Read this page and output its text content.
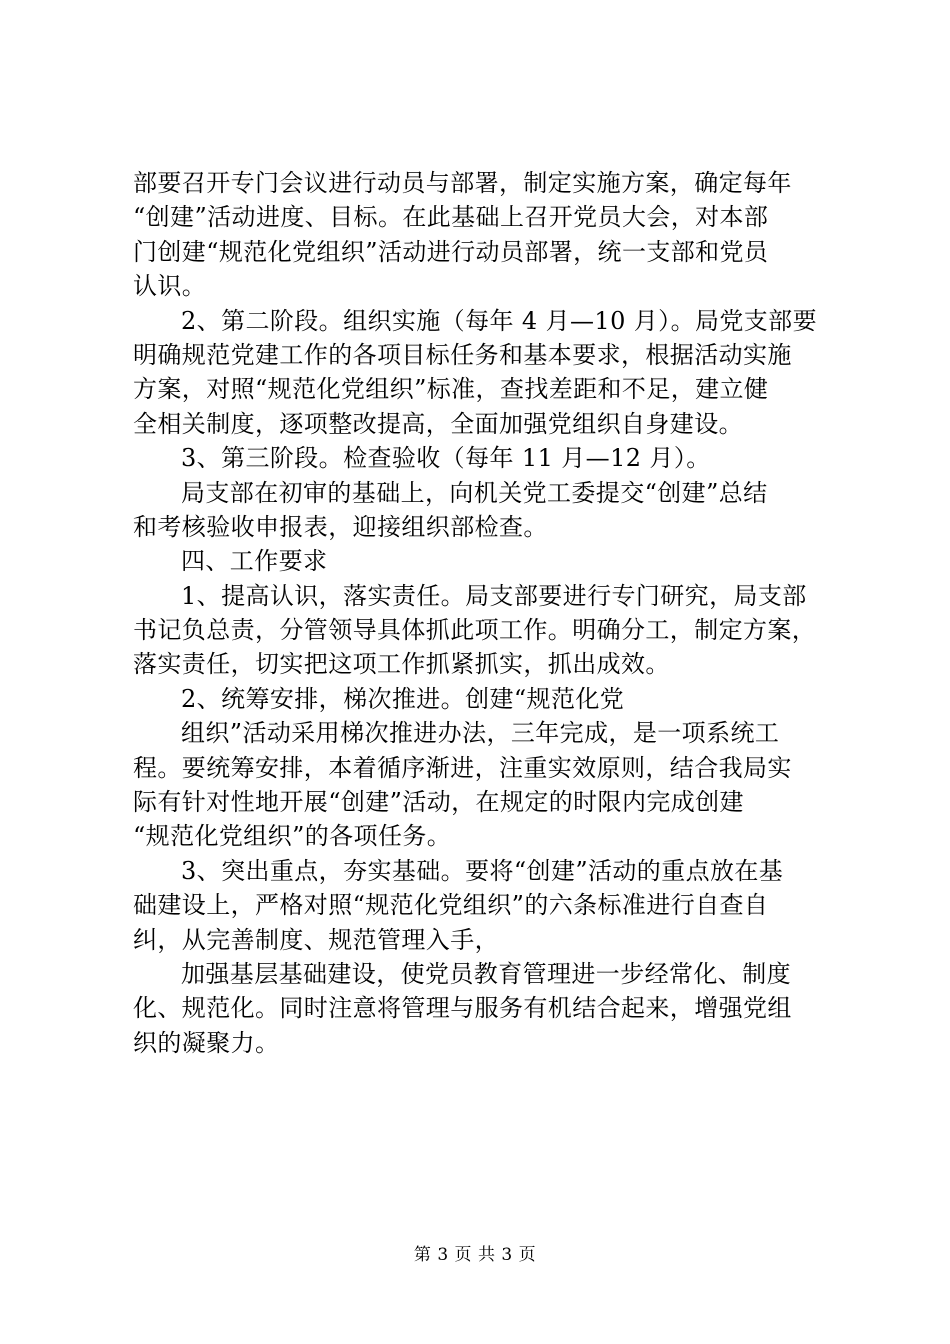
部要召开专门会议进行动员与部署，制定实施方案，确定每年
“创建”活动进度、目标。在此基础上召开党员大会，对本部
门创建“规范化党组织”活动进行动员部署，统一支部和党员
认识。
2、第二阶段。组织实施（每年 4 月—10 月）。局党支部要
明确规范党建工作的各项目标任务和基本要求，根据活动实施
方案，对照“规范化党组织”标准，查找差距和不足，建立健
全相关制度，逐项整改提高，全面加强党组织自身建设。
3、第三阶段。检查验收（每年 11 月—12 月）。
局支部在初审的基础上，向机关党工委提交“创建”总结
和考核验收申报表，迎接组织部检查。
四、工作要求
1、提高认识，落实责任。局支部要进行专门研究，局支部
书记负总责，分管领导具体抓此项工作。明确分工，制定方案，
落实责任，切实把这项工作抓紧抓实，抓出成效。
2、统筹安排，梯次推进。创建“规范化党
组织”活动采用梯次推进办法，三年完成，是一项系统工
程。要统筹安排，本着循序渐进，注重实效原则，结合我局实
际有针对性地开展“创建”活动，在规定的时限内完成创建
“规范化党组织”的各项任务。
3、突出重点，夯实基础。要将“创建”活动的重点放在基
础建设上，严格对照“规范化党组织”的六条标准进行自查自
纠，从完善制度、规范管理入手，
加强基层基础建设，使党员教育管理进一步经常化、制度
化、规范化。同时注意将管理与服务有机结合起来，增强党组
织的凝聚力。
第 3 页 共 3 页
